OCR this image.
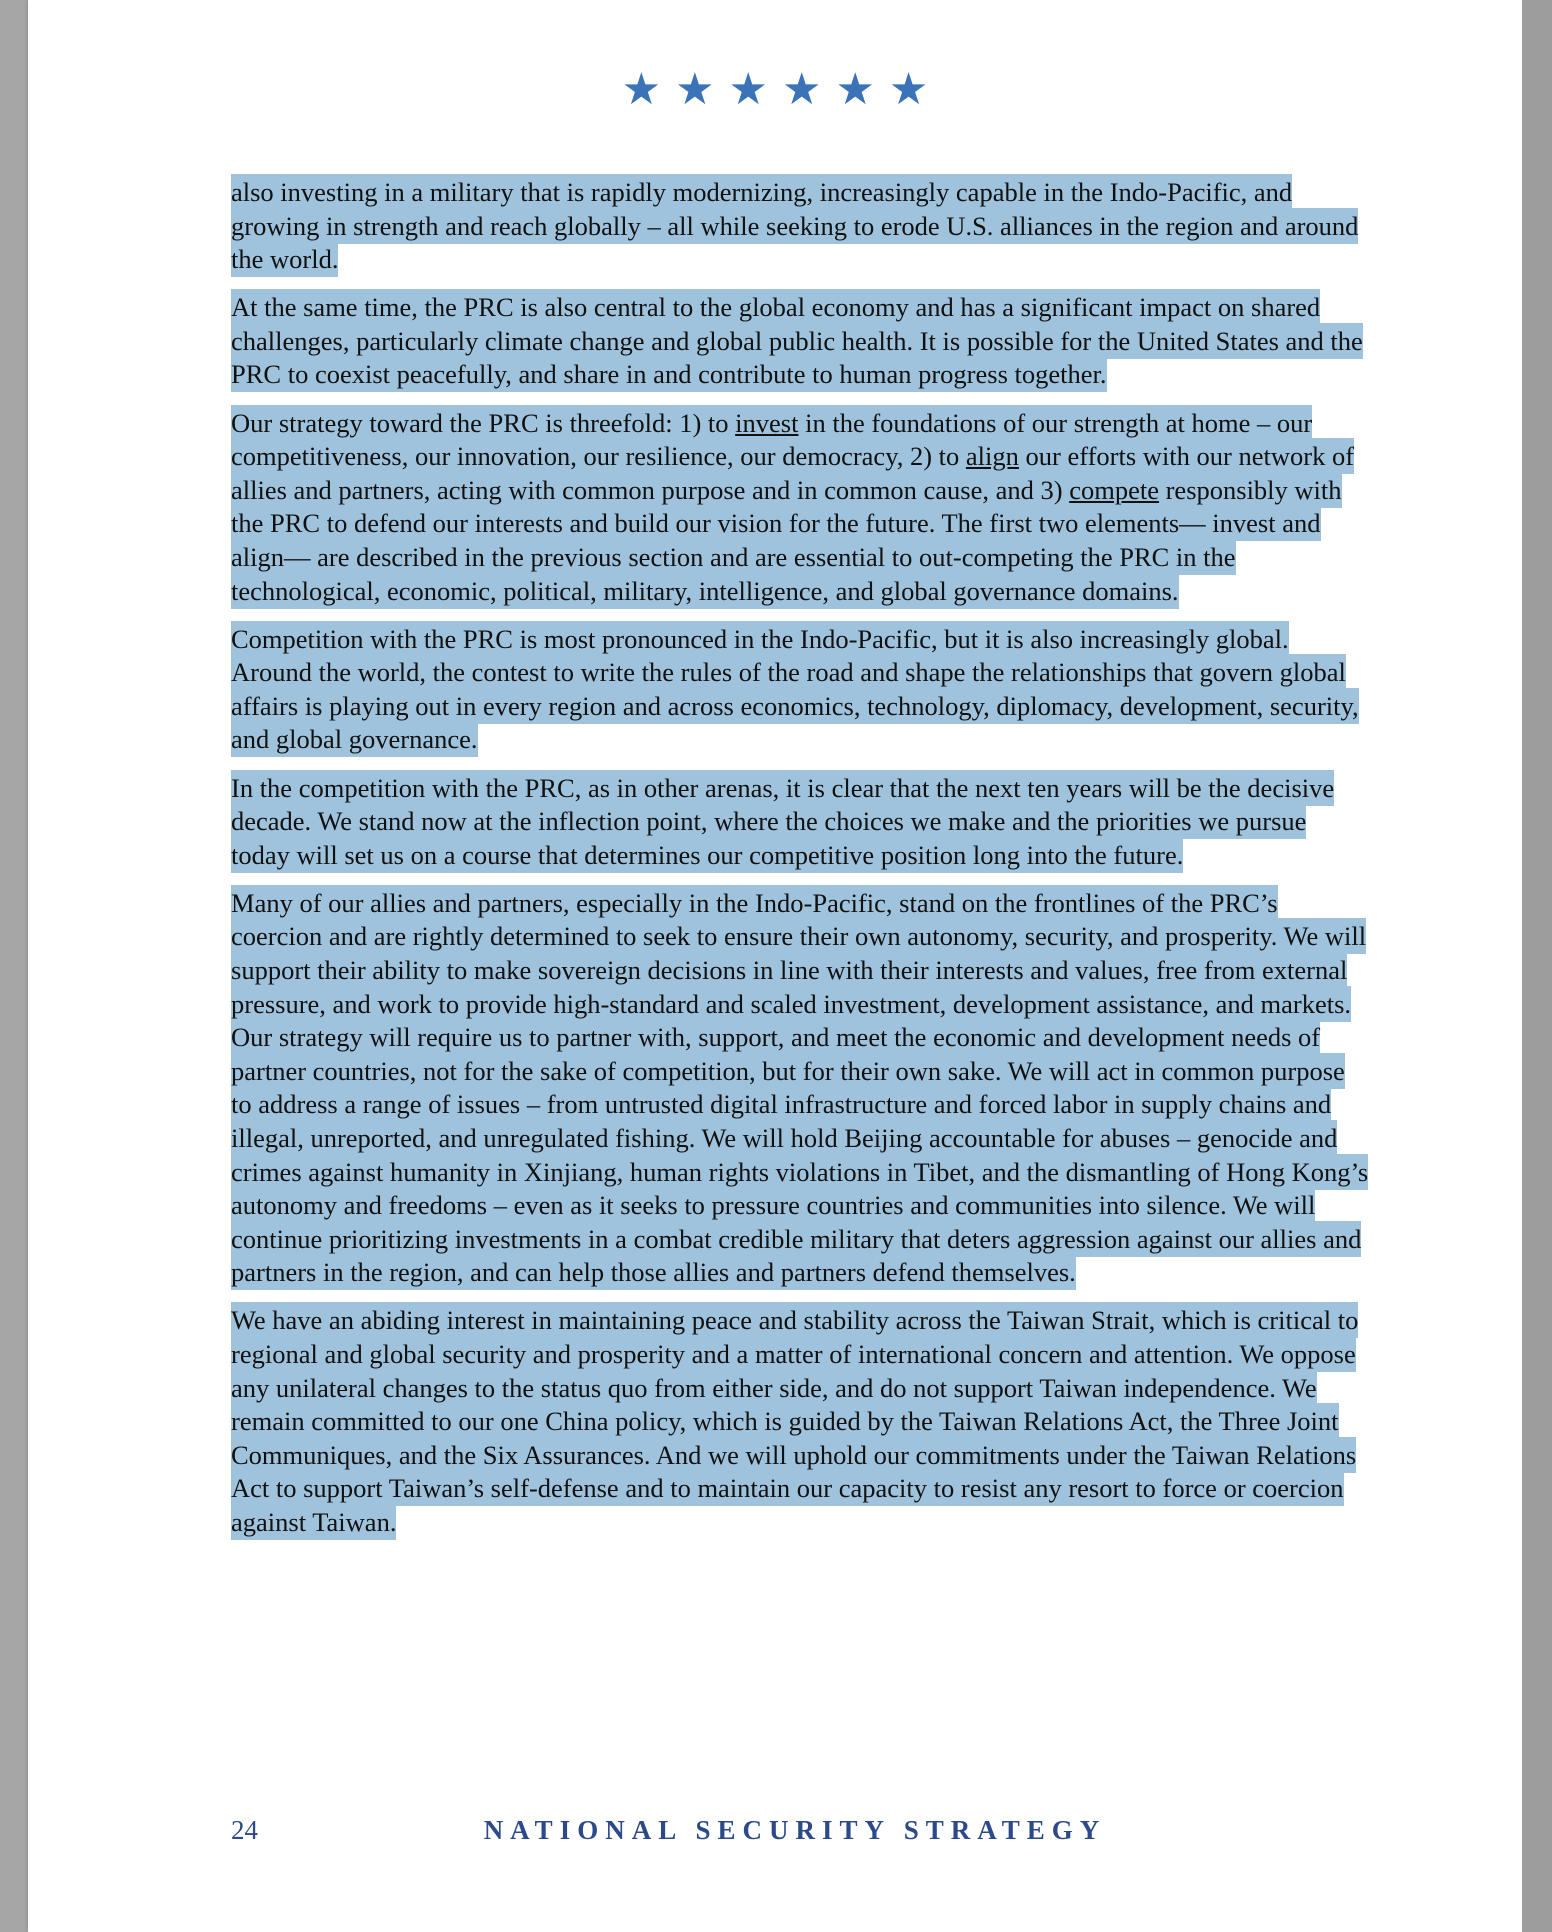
★★★★★★

also investing in a military that is rapidly modernizing, increasingly capable in the Indo-Pacific, and growing in strength and reach globally – all while seeking to erode U.S. alliances in the region and around the world.

At the same time, the PRC is also central to the global economy and has a significant impact on shared challenges, particularly climate change and global public health. It is possible for the United States and the PRC to coexist peacefully, and share in and contribute to human progress together.

Our strategy toward the PRC is threefold: 1) to invest in the foundations of our strength at home – our competitiveness, our innovation, our resilience, our democracy, 2) to align our efforts with our network of allies and partners, acting with common purpose and in common cause, and 3) compete responsibly with the PRC to defend our interests and build our vision for the future. The first two elements— invest and align— are described in the previous section and are essential to out-competing the PRC in the technological, economic, political, military, intelligence, and global governance domains.

Competition with the PRC is most pronounced in the Indo-Pacific, but it is also increasingly global. Around the world, the contest to write the rules of the road and shape the relationships that govern global affairs is playing out in every region and across economics, technology, diplomacy, development, security, and global governance.

In the competition with the PRC, as in other arenas, it is clear that the next ten years will be the decisive decade. We stand now at the inflection point, where the choices we make and the priorities we pursue today will set us on a course that determines our competitive position long into the future.

Many of our allies and partners, especially in the Indo-Pacific, stand on the frontlines of the PRC’s coercion and are rightly determined to seek to ensure their own autonomy, security, and prosperity. We will support their ability to make sovereign decisions in line with their interests and values, free from external pressure, and work to provide high-standard and scaled investment, development assistance, and markets. Our strategy will require us to partner with, support, and meet the economic and development needs of partner countries, not for the sake of competition, but for their own sake. We will act in common purpose to address a range of issues – from untrusted digital infrastructure and forced labor in supply chains and illegal, unreported, and unregulated fishing. We will hold Beijing accountable for abuses – genocide and crimes against humanity in Xinjiang, human rights violations in Tibet, and the dismantling of Hong Kong’s autonomy and freedoms – even as it seeks to pressure countries and communities into silence. We will continue prioritizing investments in a combat credible military that deters aggression against our allies and partners in the region, and can help those allies and partners defend themselves.

We have an abiding interest in maintaining peace and stability across the Taiwan Strait, which is critical to regional and global security and prosperity and a matter of international concern and attention. We oppose any unilateral changes to the status quo from either side, and do not support Taiwan independence. We remain committed to our one China policy, which is guided by the Taiwan Relations Act, the Three Joint Communiques, and the Six Assurances. And we will uphold our commitments under the Taiwan Relations Act to support Taiwan’s self-defense and to maintain our capacity to resist any resort to force or coercion against Taiwan.

24	NATIONAL SECURITY STRATEGY
